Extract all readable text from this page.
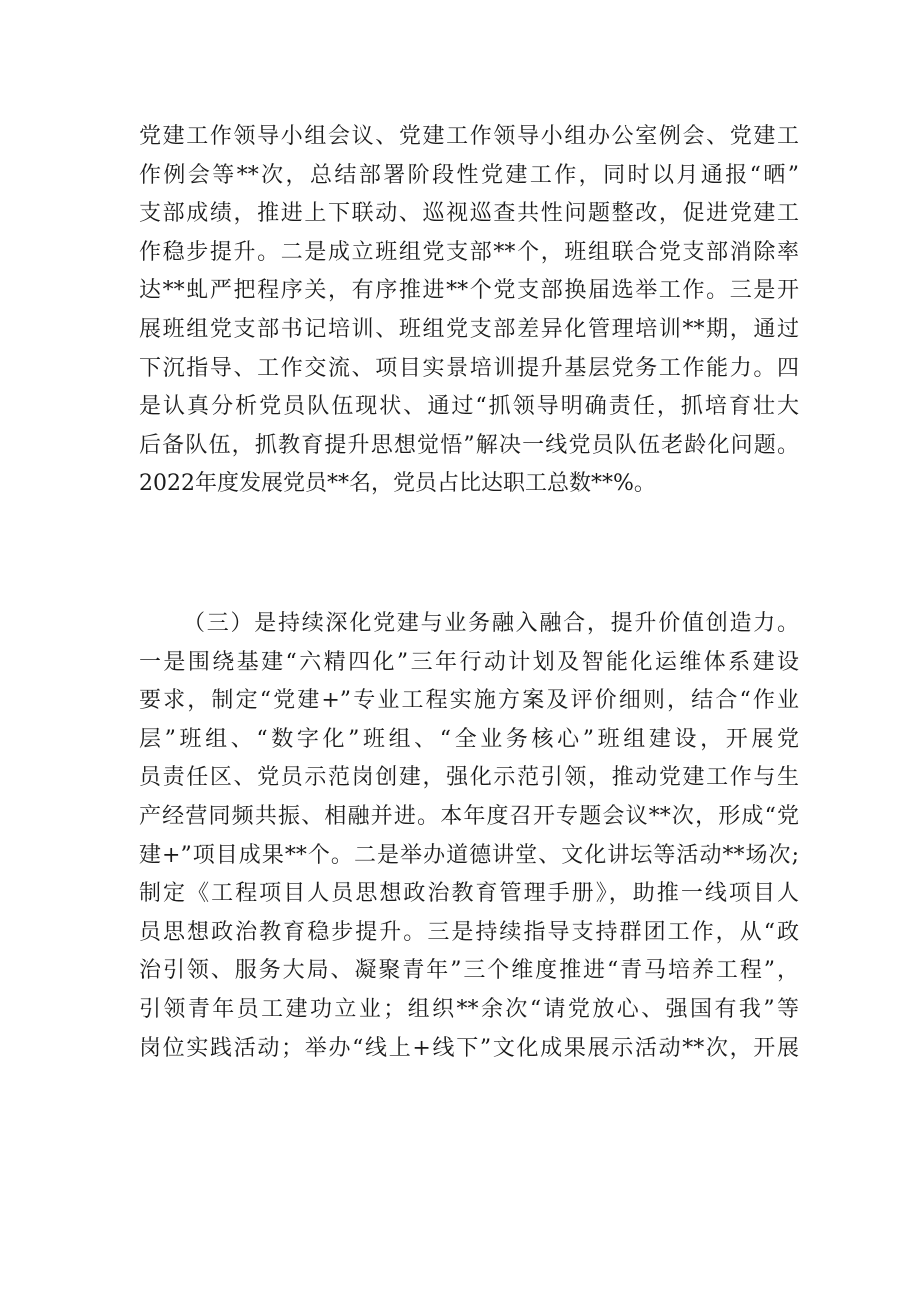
党建工作领导小组会议、党建工作领导小组办公室例会、党建工
作例会等**次，总结部署阶段性党建工作，同时以月通报“晒”
支部成绩，推进上下联动、巡视巡查共性问题整改，促进党建工
作稳步提升。二是成立班组党支部**个，班组联合党支部消除率
达**虬严把程序关，有序推进**个党支部换届选举工作。三是开
展班组党支部书记培训、班组党支部差异化管理培训**期，通过
下沉指导、工作交流、项目实景培训提升基层党务工作能力。四
是认真分析党员队伍现状、通过“抓领导明确责任，抓培育壮大
后备队伍，抓教育提升思想觉悟”解决一线党员队伍老龄化问题。
2022年度发展党员**名，党员占比达职工总数**%。
（三）是持续深化党建与业务融入融合，提升价值创造力。
一是围绕基建“六精四化”三年行动计划及智能化运维体系建设
要求，制定“党建+”专业工程实施方案及评价细则，结合“作业
层”班组、“数字化”班组、“全业务核心”班组建设，开展党
员责任区、党员示范岗创建，强化示范引领，推动党建工作与生
产经营同频共振、相融并进。本年度召开专题会议**次，形成“党
建+”项目成果**个。二是举办道德讲堂、文化讲坛等活动**场次;
制定《工程项目人员思想政治教育管理手册》，助推一线项目人
员思想政治教育稳步提升。三是持续指导支持群团工作，从“政
治引领、服务大局、凝聚青年”三个维度推进“青马培养工程”，
引领青年员工建功立业；组织**余次“请党放心、强国有我”等
岗位实践活动；举办“线上+线下”文化成果展示活动**次，开展
